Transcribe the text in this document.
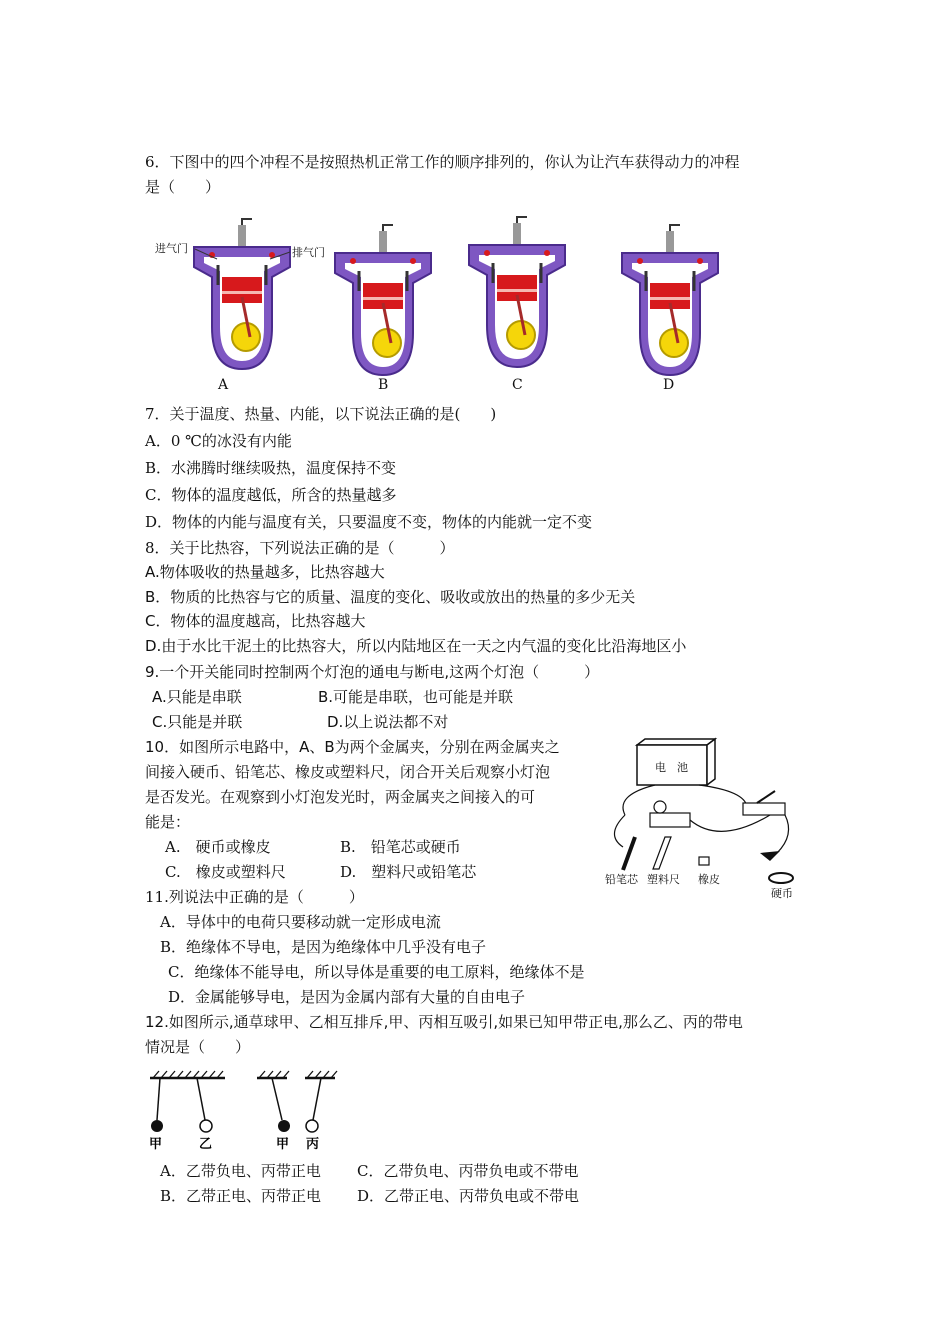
6．下图中的四个冲程不是按照热机正常工作的顺序排列的，你认为让汽车获得动力的冲程
是（　　）
进气门	排气门
A	B	C	D
7．关于温度、热量、内能，以下说法正确的是(　　)
A．0 ℃的冰没有内能
B．水沸腾时继续吸热，温度保持不变
C．物体的温度越低，所含的热量越多
D．物体的内能与温度有关，只要温度不变，物体的内能就一定不变
8．关于比热容，下列说法正确的是（　　　）
A.物体吸收的热量越多，比热容越大
B．物质的比热容与它的质量、温度的变化、吸收或放出的热量的多少无关
C．物体的温度越高，比热容越大
D.由于水比干泥土的比热容大，所以内陆地区在一天之内气温的变化比沿海地区小
9.一个开关能同时控制两个灯泡的通电与断电,这两个灯泡（　　　）
A.只能是串联	B.可能是串联，也可能是并联
C.只能是并联	D.以上说法都不对
10．如图所示电路中，A、B为两个金属夹，分别在两金属夹之
间接入硬币、铅笔芯、橡皮或塑料尺，闭合开关后观察小灯泡
是否发光。在观察到小灯泡发光时，两金属夹之间接入的可
能是：
A.　硬币或橡皮	B.　铅笔芯或硬币
C.　橡皮或塑料尺	D.　塑料尺或铅笔芯
电　池
铅笔芯 塑料尺 橡皮
硬币
11.列说法中正确的是（　　　）
A．导体中的电荷只要移动就一定形成电流
B．绝缘体不导电，是因为绝缘体中几乎没有电子
C．绝缘体不能导电，所以导体是重要的电工原料，绝缘体不是
D．金属能够导电，是因为金属内部有大量的自由电子
12.如图所示,通草球甲、乙相互排斥,甲、丙相互吸引,如果已知甲带正电,那么乙、丙的带电
情况是（　　）
甲	乙	甲 丙
A．乙带负电、丙带正电 C．乙带负电、丙带负电或不带电
B．乙带正电、丙带正电 D．乙带正电、丙带负电或不带电
